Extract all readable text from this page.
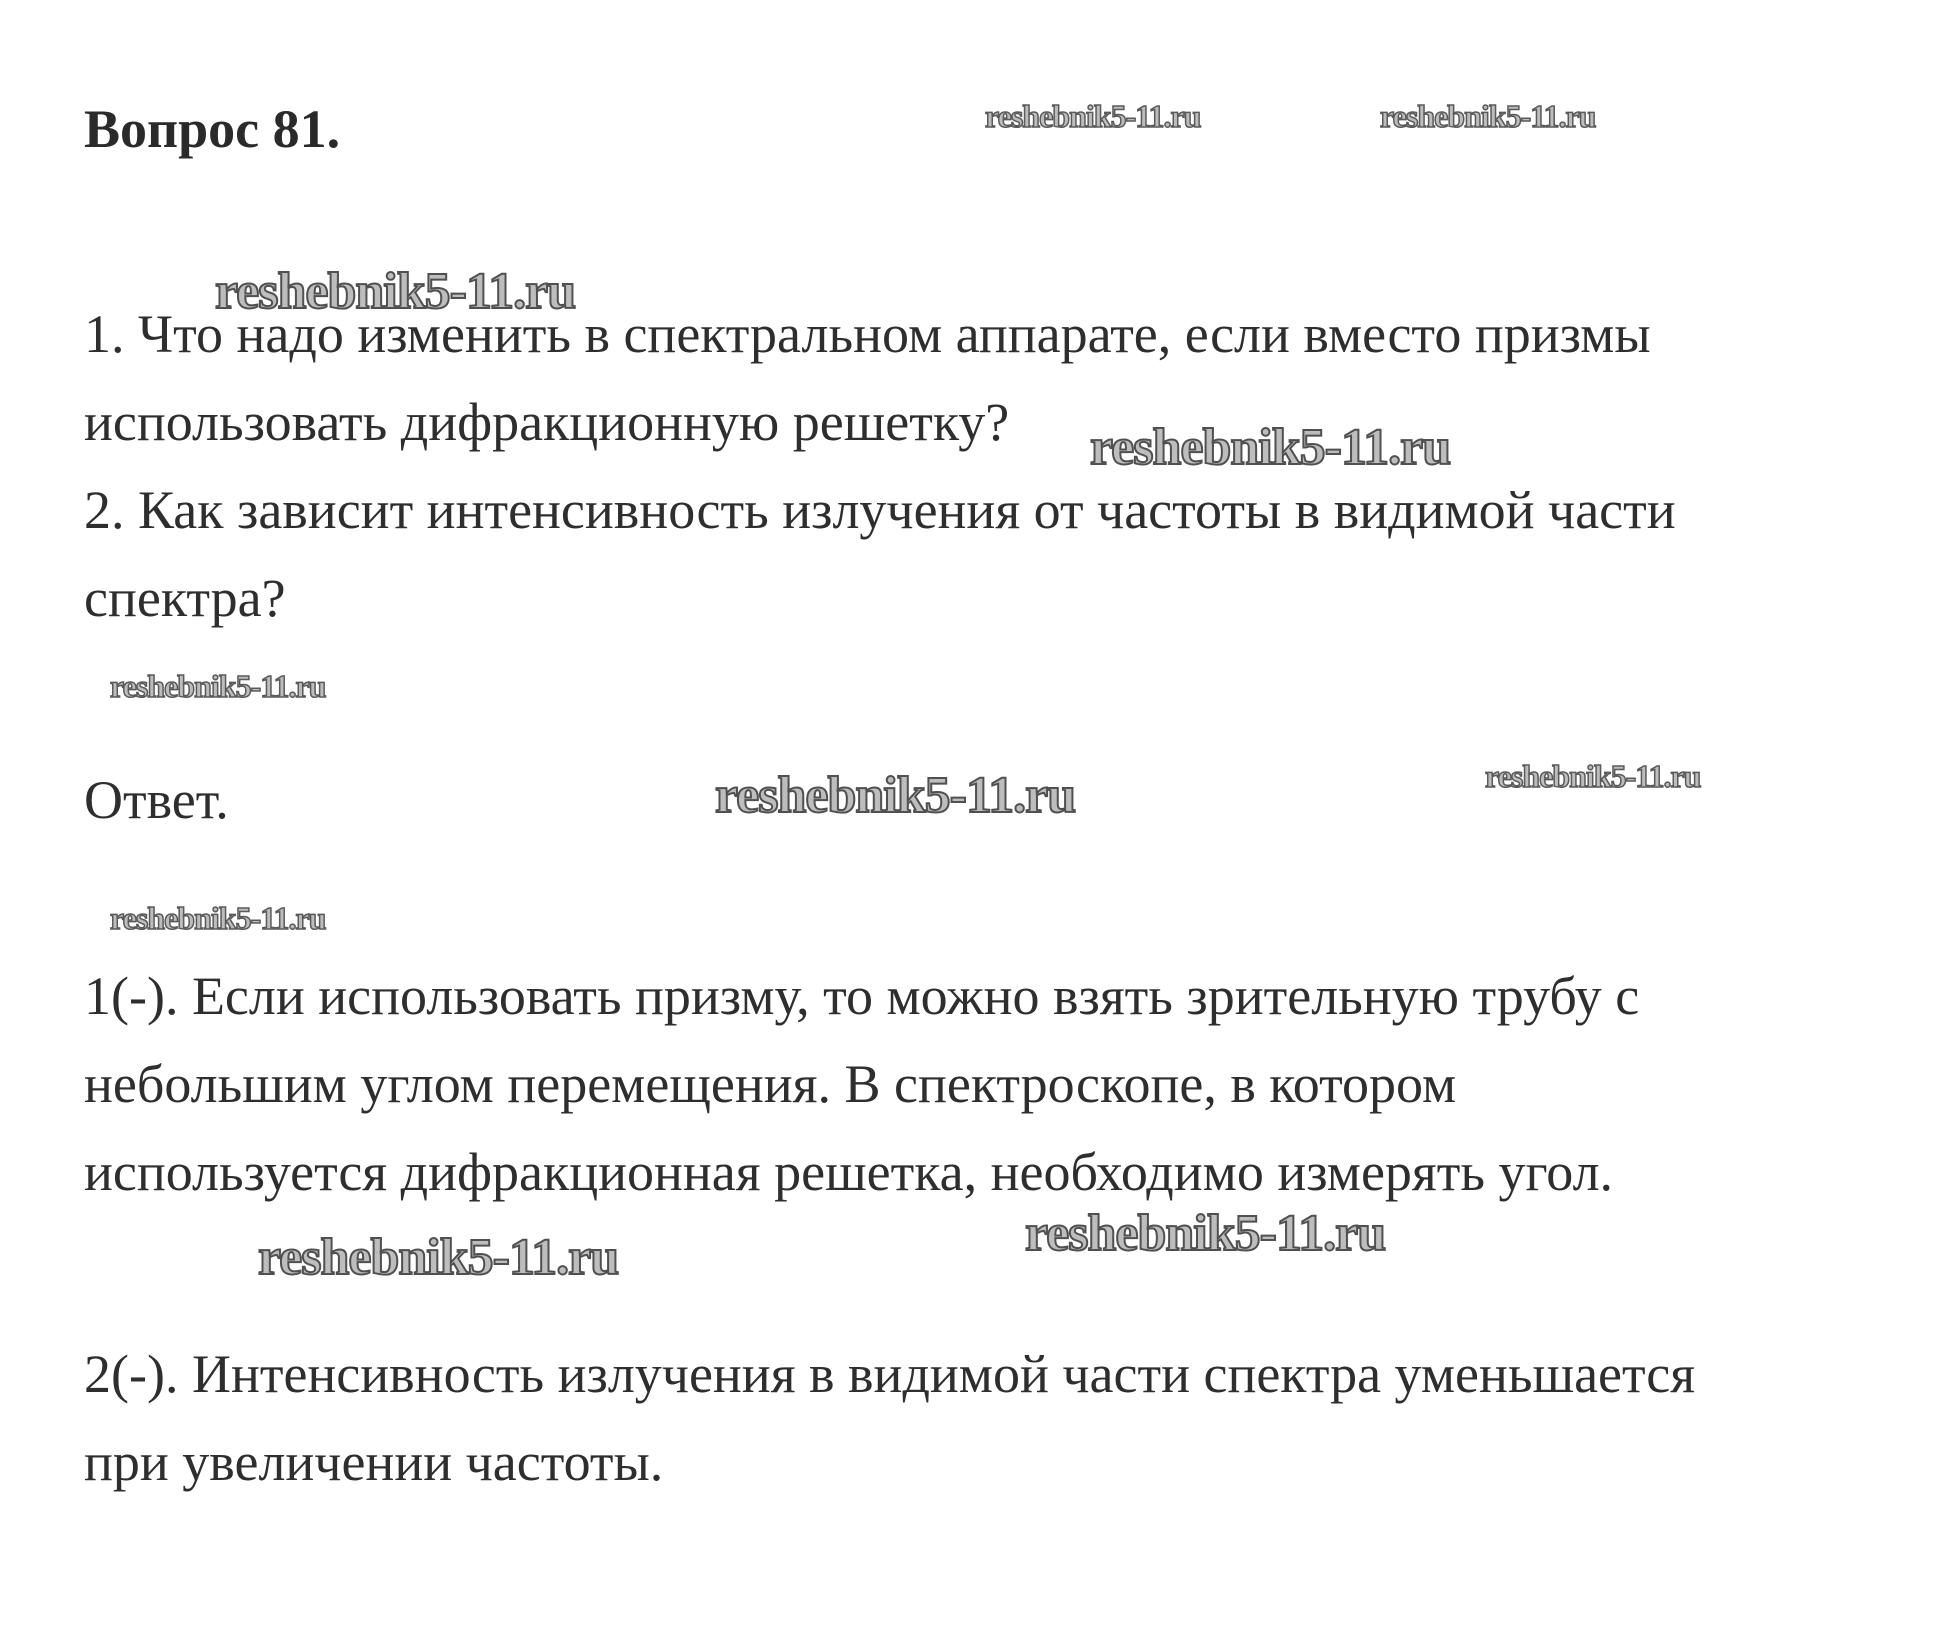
Вопрос 81.
1. Что надо изменить в спектральном аппарате, если вместо призмы
использовать дифракционную решетку?
2. Как зависит интенсивность излучения от частоты в видимой части
спектра?
Ответ.
1(-). Если использовать призму, то можно взять зрительную трубу с
небольшим углом перемещения. В спектроскопе, в котором
используется дифракционная решетка, необходимо измерять угол.
2(-). Интенсивность излучения в видимой части спектра уменьшается
при увеличении частоты.
reshebnik5-11.ru	reshebnik5-11.ru
reshebnik5-11.ru
reshebnik5-11.ru
reshebnik5-11.ru
reshebnik5-11.ru	reshebnik5-11.ru
reshebnik5-11.ru
reshebnik5-11.ru	reshebnik5-11.ru
